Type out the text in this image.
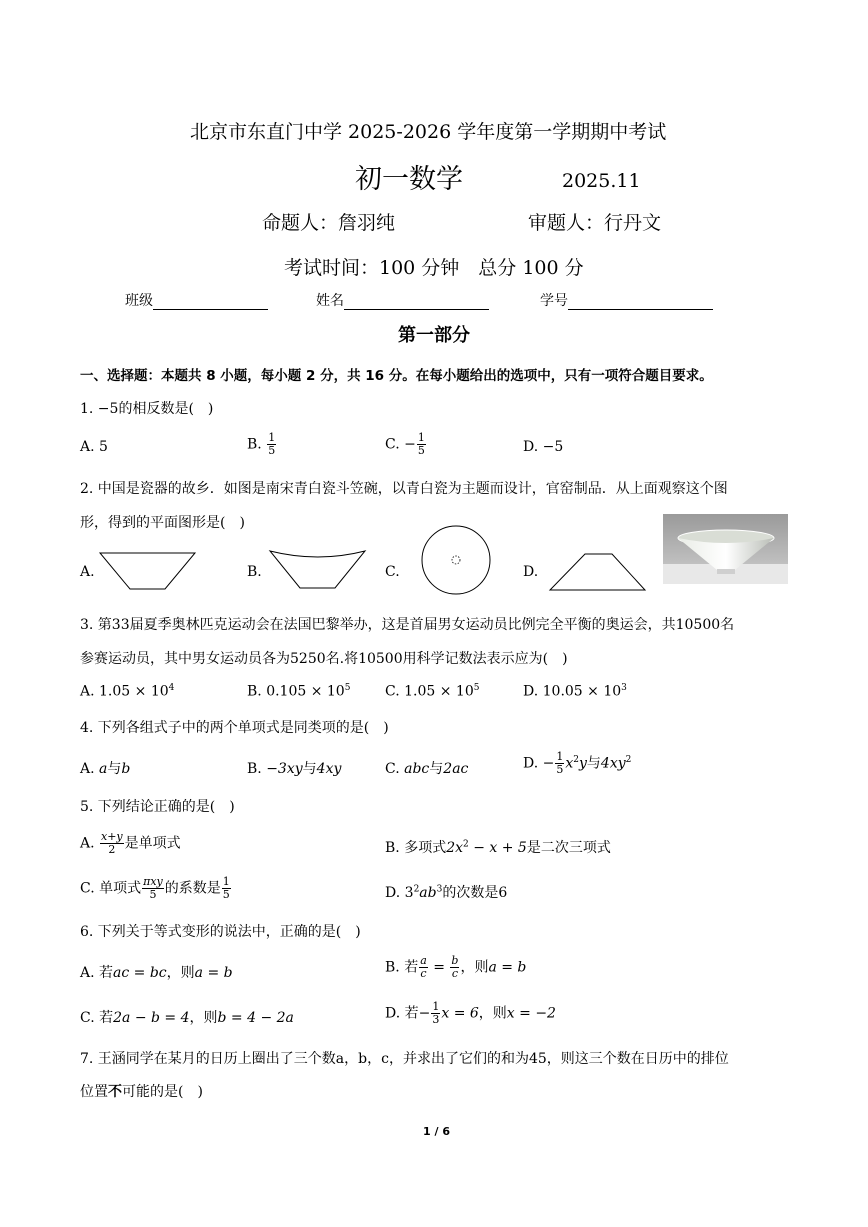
北京市东直门中学 2025-2026 学年度第一学期期中考试
初一数学	2025.11
命题人：詹羽纯	审题人：行丹文
考试时间：100 分钟　总分 100 分
班级	姓名	学号
第一部分
一、选择题：本题共 8 小题，每小题 2 分，共 16 分。在每小题给出的选项中，只有一项符合题目要求。
1. −5的相反数是(　)
A. 5	B. $\frac{1}{5}$	C. − $\frac{1}{5}$	D. −5
2. 中国是瓷器的故乡．如图是南宋青白瓷斗笠碗，以青白瓷为主题而设计，官窑制品．从上面观察这个图
形，得到的平面图形是(　)
A.	B.	C.	D.
3. 第33届夏季奥林匹克运动会在法国巴黎举办，这是首届男女运动员比例完全平衡的奥运会，共10500名
参赛运动员，其中男女运动员各为5250名.将10500用科学记数法表示应为(　)
A. $1.05 \times 10^4$	B. $0.105 \times 10^5$ C. $1.05 \times 10^5$	D. $10.05 \times 10^3$
4. 下列各组式子中的两个单项式是同类项的是(　)
A. a与b	B. −3xy与4xy	C. abc与2ac	D. − $\frac{1}{5} x^2y$与$4xy^2$
5. 下列结论正确的是(　)
A. $\frac{x+y}{2}$ 是单项式	B. 多项式$2x^2 - x + 5$是二次三项式
C. 单项式 $\frac{\text{πxy}}{5}$ 的系数是 $\frac{1}{5}$	D. $3^2ab^3$的次数是6
6. 下列关于等式变形的说法中，正确的是(　)
A. 若ac = bc，则a = b	B. 若 $\frac{a}{c} = \frac{b}{c}$ ，则a = b
C. 若2a − b = 4，则b = 4 − 2a	D. 若− $\frac{1}{3}$ x = 6，则x = −2
7. 王涵同学在某月的日历上圈出了三个数a，b，c，并求出了它们的和为45，则这三个数在日历中的排位
位置不可能的是(　)
1 / 6
